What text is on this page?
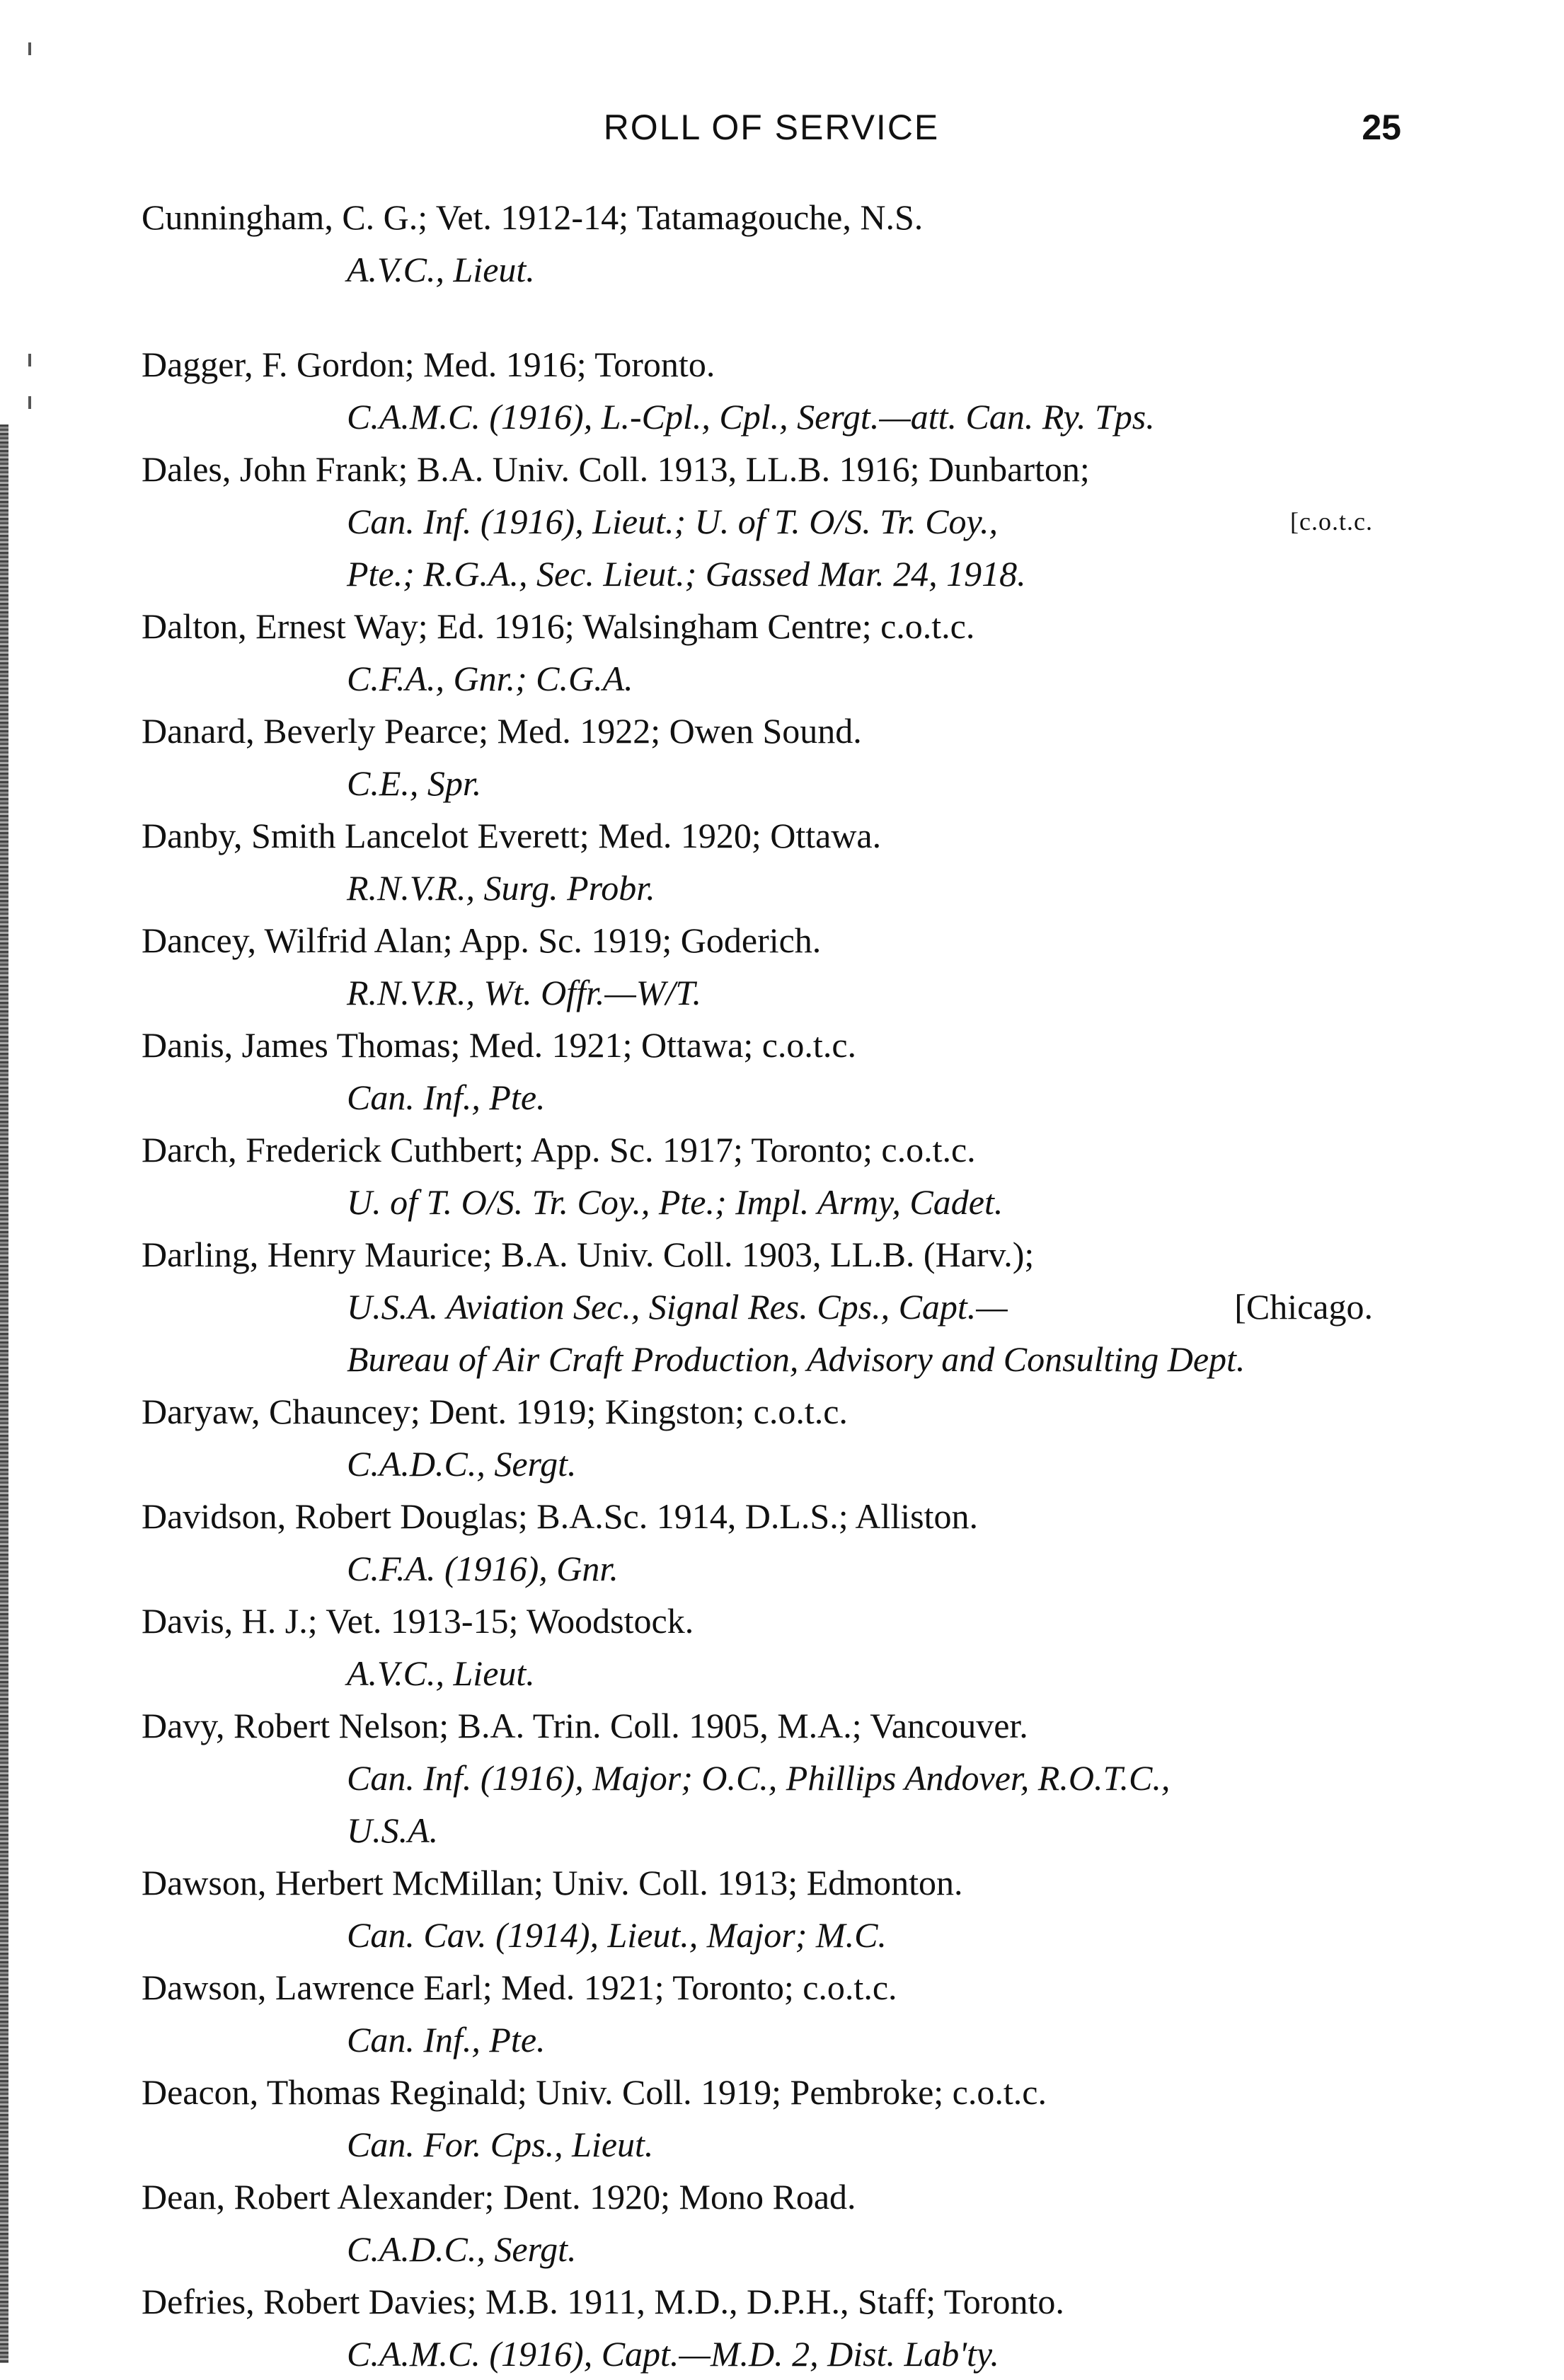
ROLL OF SERVICE	25
Cunningham, C. G.; Vet. 1912-14; Tatamagouche, N.S.
A.V.C., Lieut.
Dagger, F. Gordon; Med. 1916; Toronto.
C.A.M.C. (1916), L.-Cpl., Cpl., Sergt.—att. Can. Ry. Tps.
Dales, John Frank; B.A. Univ. Coll. 1913, LL.B. 1916; Dunbarton;
Can. Inf. (1916), Lieut.; U. of T. O/S. Tr. Coy.,	[c.o.t.c.
Pte.; R.G.A., Sec. Lieut.; Gassed Mar. 24, 1918.
Dalton, Ernest Way; Ed. 1916; Walsingham Centre; c.o.t.c.
C.F.A., Gnr.; C.G.A.
Danard, Beverly Pearce; Med. 1922; Owen Sound.
C.E., Spr.
Danby, Smith Lancelot Everett; Med. 1920; Ottawa.
R.N.V.R., Surg. Probr.
Dancey, Wilfrid Alan; App. Sc. 1919; Goderich.
R.N.V.R., Wt. Offr.—W/T.
Danis, James Thomas; Med. 1921; Ottawa; c.o.t.c.
Can. Inf., Pte.
Darch, Frederick Cuthbert; App. Sc. 1917; Toronto; c.o.t.c.
U. of T. O/S. Tr. Coy., Pte.; Impl. Army, Cadet.
Darling, Henry Maurice; B.A. Univ. Coll. 1903, LL.B. (Harv.);
U.S.A. Aviation Sec., Signal Res. Cps., Capt.—	[Chicago.
Bureau of Air Craft Production, Advisory and Consulting Dept.
Daryaw, Chauncey; Dent. 1919; Kingston; c.o.t.c.
C.A.D.C., Sergt.
Davidson, Robert Douglas; B.A.Sc. 1914, D.L.S.; Alliston.
C.F.A. (1916), Gnr.
Davis, H. J.; Vet. 1913-15; Woodstock.
A.V.C., Lieut.
Davy, Robert Nelson; B.A. Trin. Coll. 1905, M.A.; Vancouver.
Can. Inf. (1916), Major; O.C., Phillips Andover, R.O.T.C.,
U.S.A.
Dawson, Herbert McMillan; Univ. Coll. 1913; Edmonton.
Can. Cav. (1914), Lieut., Major; M.C.
Dawson, Lawrence Earl; Med. 1921; Toronto; c.o.t.c.
Can. Inf., Pte.
Deacon, Thomas Reginald; Univ. Coll. 1919; Pembroke; c.o.t.c.
Can. For. Cps., Lieut.
Dean, Robert Alexander; Dent. 1920; Mono Road.
C.A.D.C., Sergt.
Defries, Robert Davies; M.B. 1911, M.D., D.P.H., Staff; Toronto.
C.A.M.C. (1916), Capt.—M.D. 2, Dist. Lab'ty.
